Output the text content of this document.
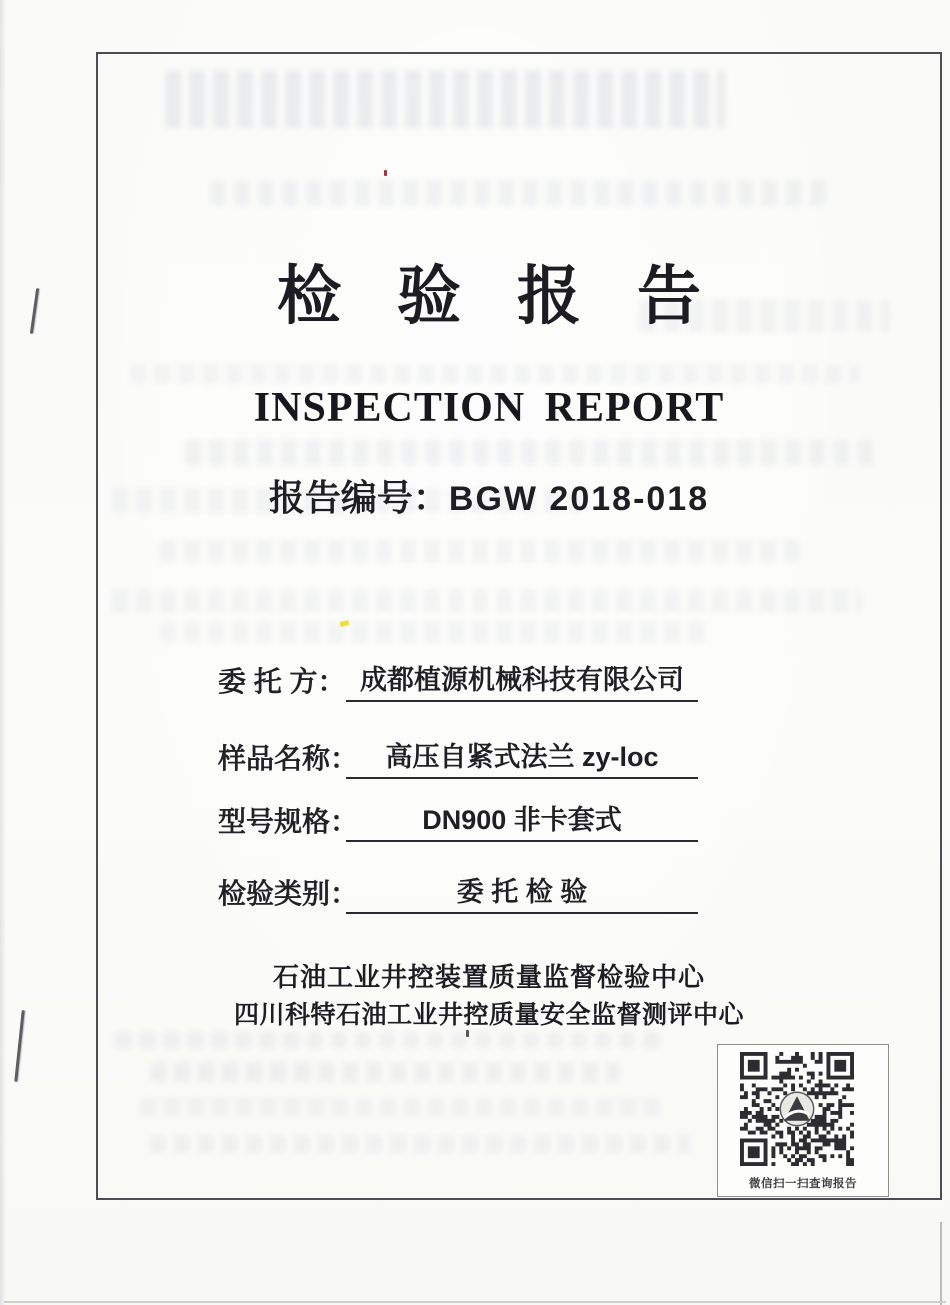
检验报告
INSPECTION REPORT
报告编号：BGW 2018-018
委 托 方： 成都植源机械科技有限公司
样品名称：	高压自紧式法兰 zy-loc
型号规格：	DN900 非卡套式
检验类别：	委 托 检 验
石油工业井控装置质量监督检验中心
四川科特石油工业井控质量安全监督测评中心
微信扫一扫查询报告
